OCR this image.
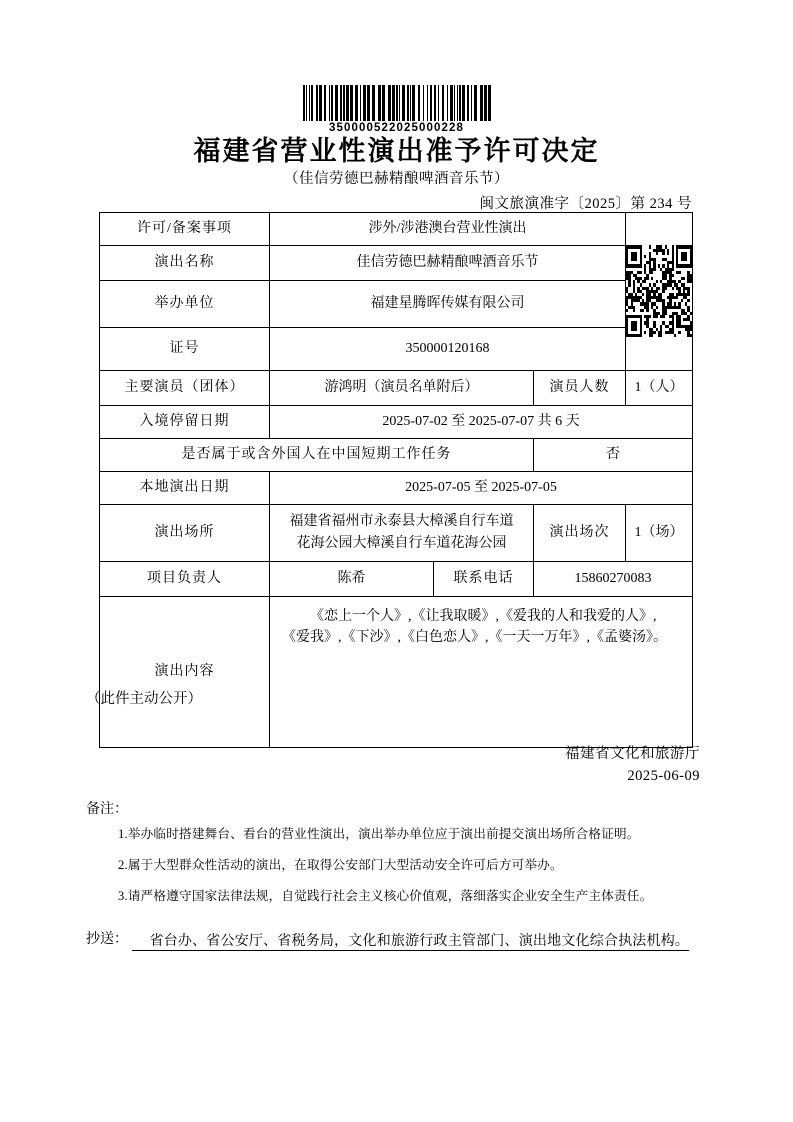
350000522025000228
福建省营业性演出准予许可决定
（佳信劳德巴赫精酿啤酒音乐节）
闽文旅演准字〔2025〕第 234 号
许可/备案事项	涉外/涉港澳台营业性演出			

演出名称	佳信劳德巴赫精酿啤酒音乐节			
举办单位	福建星腾晖传媒有限公司			
证号	350000120168			
主要演员（团体）	游鸿明（演员名单附后）		演员人数	1（人）
入境停留日期	2025-07-02 至 2025-07-07 共 6 天			
是否属于或含外国人在中国短期工作任务			否	
本地演出日期	2025-07-05 至 2025-07-05			
演出场所	福建省福州市永泰县大樟溪自行车道
花海公园大樟溪自行车道花海公园		演出场次	1（场）
项目负责人	陈希	联系电话	15860270083	
演出内容	《恋上一个人》,《让我取暖》,《爱我的人和我爱的人》,《爱我》,《下沙》,《白色恋人》,《一天一万年》,《孟婆汤》。			
（此件主动公开）
福建省文化和旅游厅
2025-06-09
备注：
1.举办临时搭建舞台、看台的营业性演出，演出举办单位应于演出前提交演出场所合格证明。
2.属于大型群众性活动的演出，在取得公安部门大型活动安全许可后方可举办。
3.请严格遵守国家法律法规，自觉践行社会主义核心价值观，落细落实企业安全生产主体责任。
抄送：	省台办、省公安厅、省税务局，文化和旅游行政主管部门、演出地文化综合执法机构。
